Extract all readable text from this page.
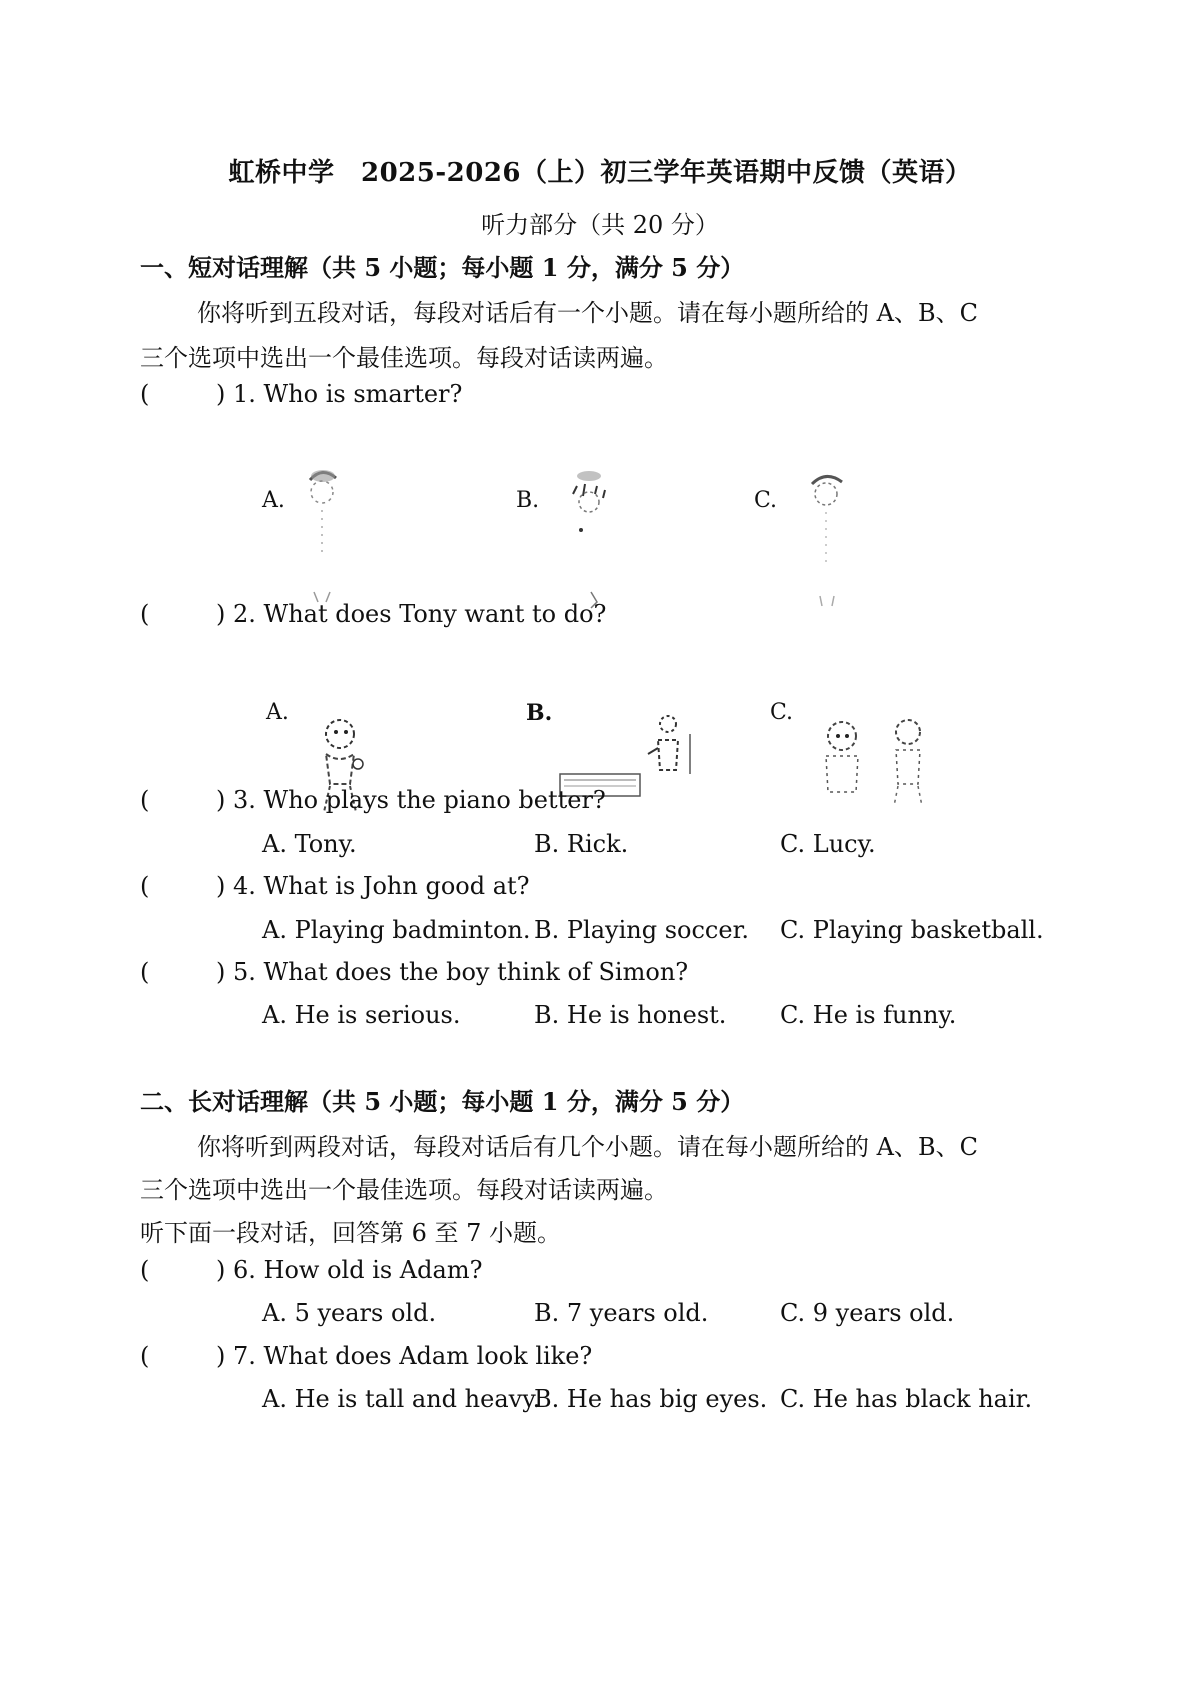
虹桥中学　2025-2026（上）初三学年英语期中反馈（英语）
听力部分（共 20 分）
一、短对话理解（共 5 小题；每小题 1 分，满分 5 分）
你将听到五段对话，每段对话后有一个小题。请在每小题所给的 A、B、C
三个选项中选出一个最佳选项。每段对话读两遍。
(	) 1. Who is smarter?
A.	B.	C.
(	) 2. What does Tony want to do?
A.	B.	C.
(	) 3. Who plays the piano better?
A. Tony.	B. Rick.	C. Lucy.
(	) 4. What is John good at?
A. Playing badminton. B. Playing soccer. C. Playing basketball.
(	) 5. What does the boy think of Simon?
A. He is serious.	B. He is honest. C. He is funny.
二、长对话理解（共 5 小题；每小题 1 分，满分 5 分）
你将听到两段对话，每段对话后有几个小题。请在每小题所给的 A、B、C
三个选项中选出一个最佳选项。每段对话读两遍。
听下面一段对话，回答第 6 至 7 小题。
(	) 6. How old is Adam?
A. 5 years old.	B. 7 years old.	C. 9 years old.
(	) 7. What does Adam look like?
A. He is tall and heavy.
B. He has big eyes. C. He has black hair.
